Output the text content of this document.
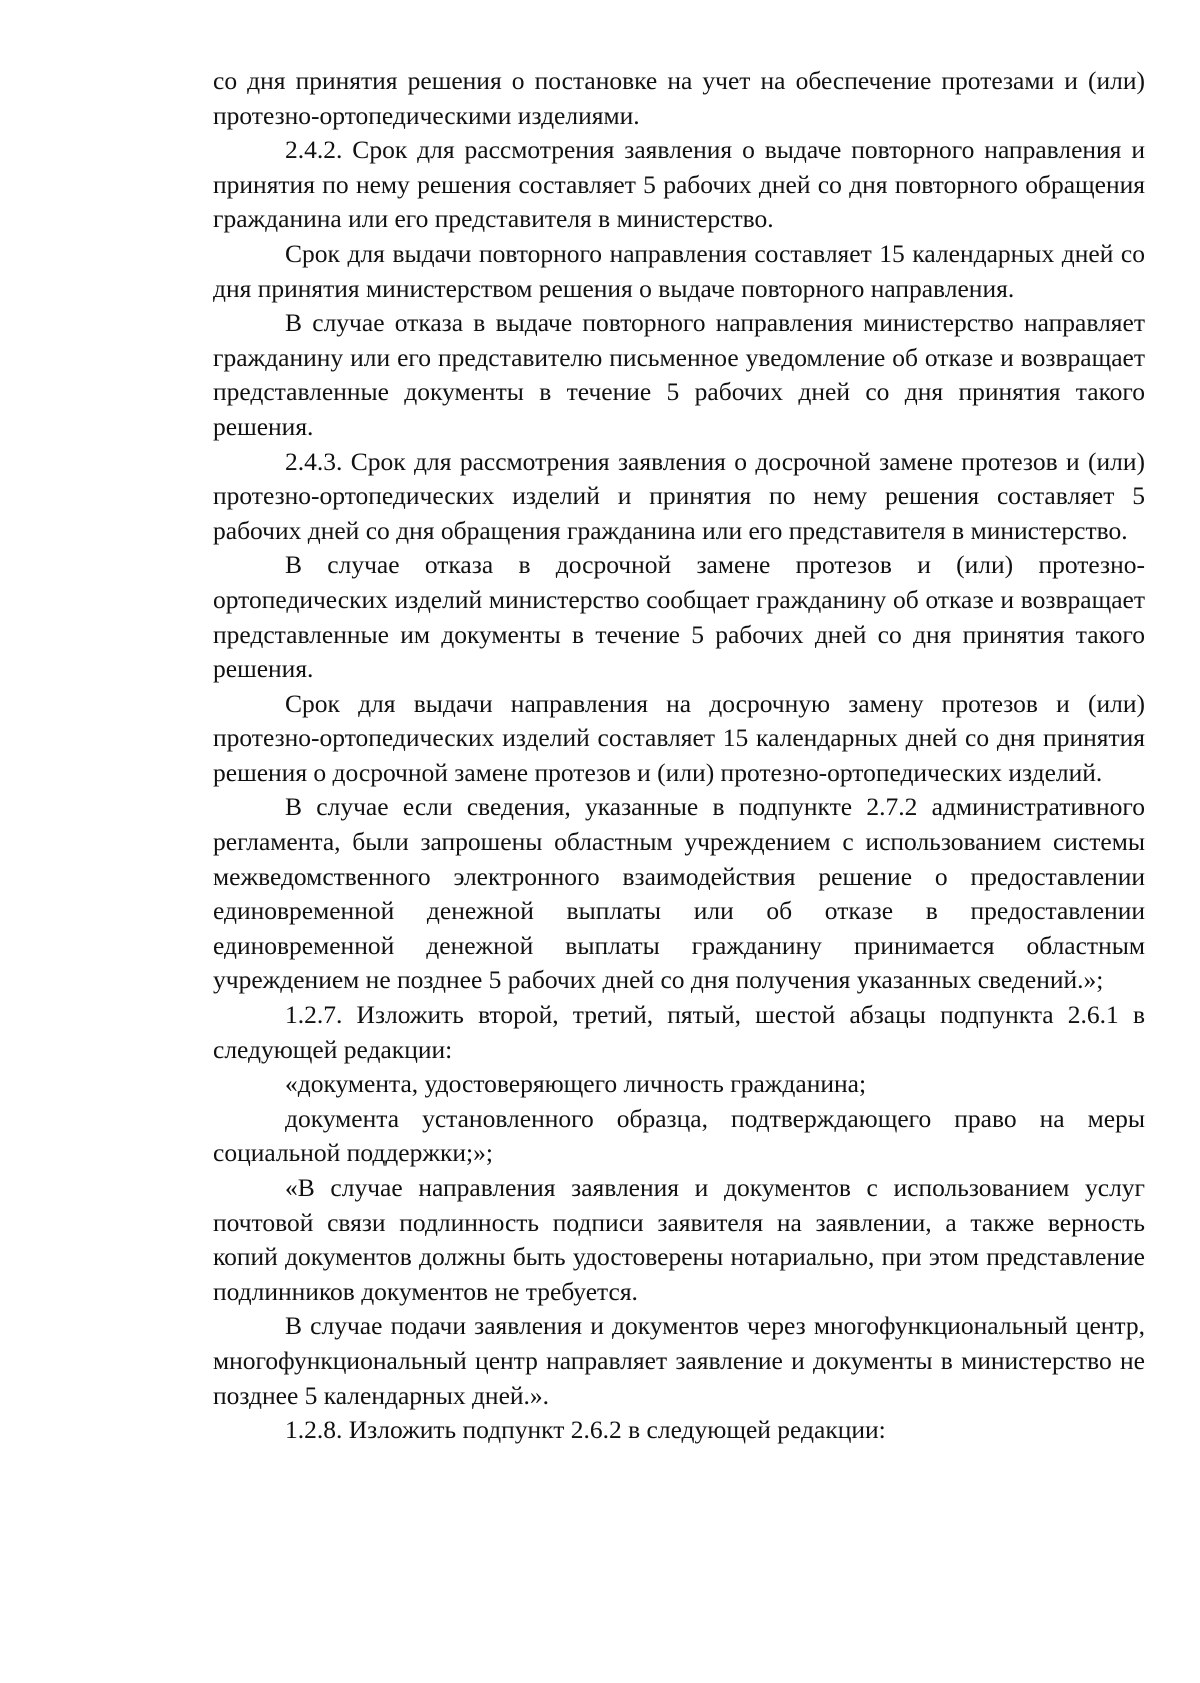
со дня принятия решения о постановке на учет на обеспечение протезами и (или) протезно-ортопедическими изделиями.

2.4.2. Срок для рассмотрения заявления о выдаче повторного направления и принятия по нему решения составляет 5 рабочих дней со дня повторного обращения гражданина или его представителя в министерство.

Срок для выдачи повторного направления составляет 15 календарных дней со дня принятия министерством решения о выдаче повторного направления.

В случае отказа в выдаче повторного направления министерство направляет гражданину или его представителю письменное уведомление об отказе и возвращает представленные документы в течение 5 рабочих дней со дня принятия такого решения.

2.4.3. Срок для рассмотрения заявления о досрочной замене протезов и (или) протезно-ортопедических изделий и принятия по нему решения составляет 5 рабочих дней со дня обращения гражданина или его представителя в министерство.

В случае отказа в досрочной замене протезов и (или) протезно-ортопедических изделий министерство сообщает гражданину об отказе и возвращает представленные им документы в течение 5 рабочих дней со дня принятия такого решения.

Срок для выдачи направления на досрочную замену протезов и (или) протезно-ортопедических изделий составляет 15 календарных дней со дня принятия решения о досрочной замене протезов и (или) протезно-ортопедических изделий.

В случае если сведения, указанные в подпункте 2.7.2 административного регламента, были запрошены областным учреждением с использованием системы межведомственного электронного взаимодействия решение о предоставлении единовременной денежной выплаты или об отказе в предоставлении единовременной денежной выплаты гражданину принимается областным учреждением не позднее 5 рабочих дней со дня получения указанных сведений.»;

1.2.7. Изложить второй, третий, пятый, шестой абзацы подпункта 2.6.1 в следующей редакции:

«документа, удостоверяющего личность гражданина;

документа установленного образца, подтверждающего право на меры социальной поддержки;»;

«В случае направления заявления и документов с использованием услуг почтовой связи подлинность подписи заявителя на заявлении, а также верность копий документов должны быть удостоверены нотариально, при этом представление подлинников документов не требуется.

В случае подачи заявления и документов через многофункциональный центр, многофункциональный центр направляет заявление и документы в министерство не позднее 5 календарных дней.».

1.2.8. Изложить подпункт 2.6.2 в следующей редакции:
